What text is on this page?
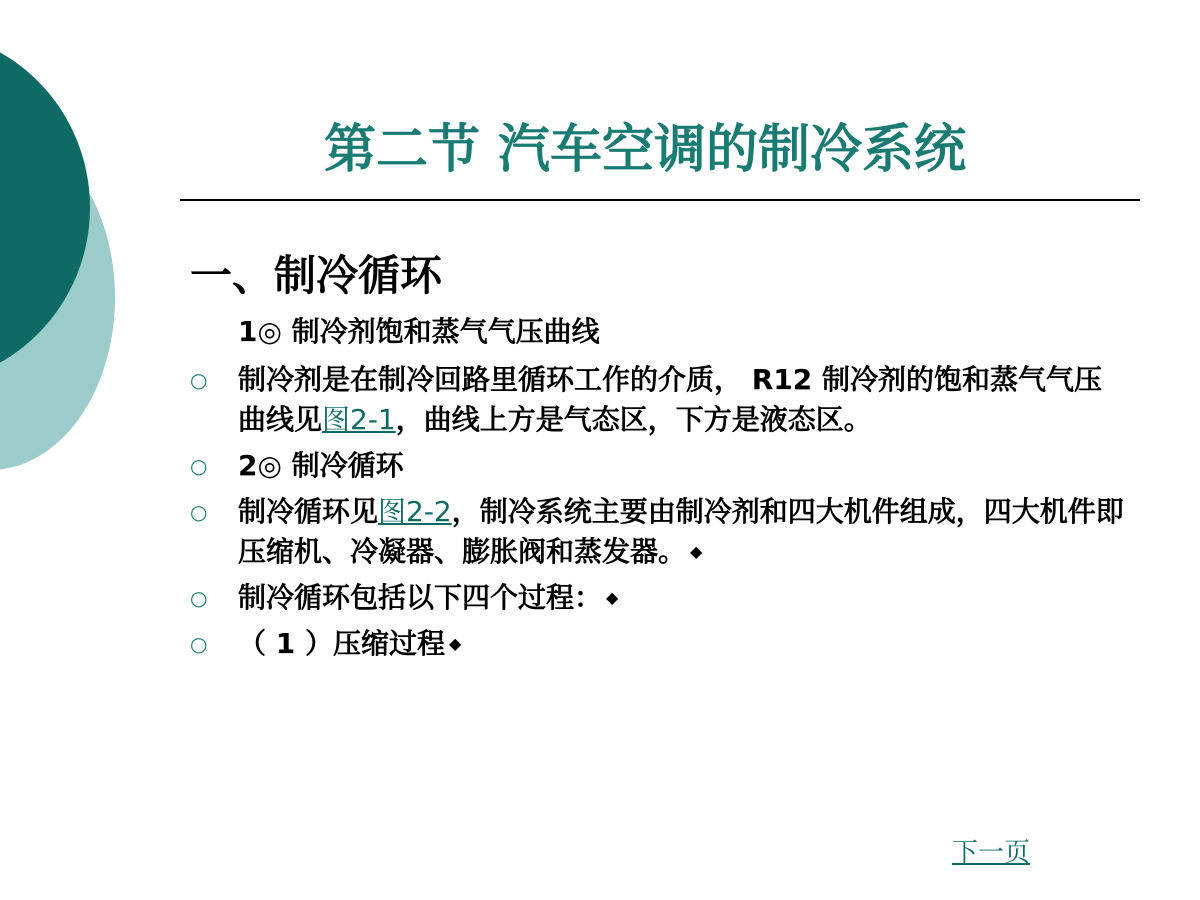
第二节 汽车空调的制冷系统
一、制冷循环
1◎ 制冷剂饱和蒸气气压曲线
○ 制冷剂是在制冷回路里循环工作的介质， R12 制冷剂的饱和蒸气气压曲线见图2-1，曲线上方是气态区，下方是液态区。
○ 2◎ 制冷循环
○ 制冷循环见图2-2，制冷系统主要由制冷剂和四大机件组成，四大机件即压缩机、冷凝器、膨胀阀和蒸发器。 ◆
○ 制冷循环包括以下四个过程： ◆
○ （ 1 ）压缩过程 ◆
下一页
